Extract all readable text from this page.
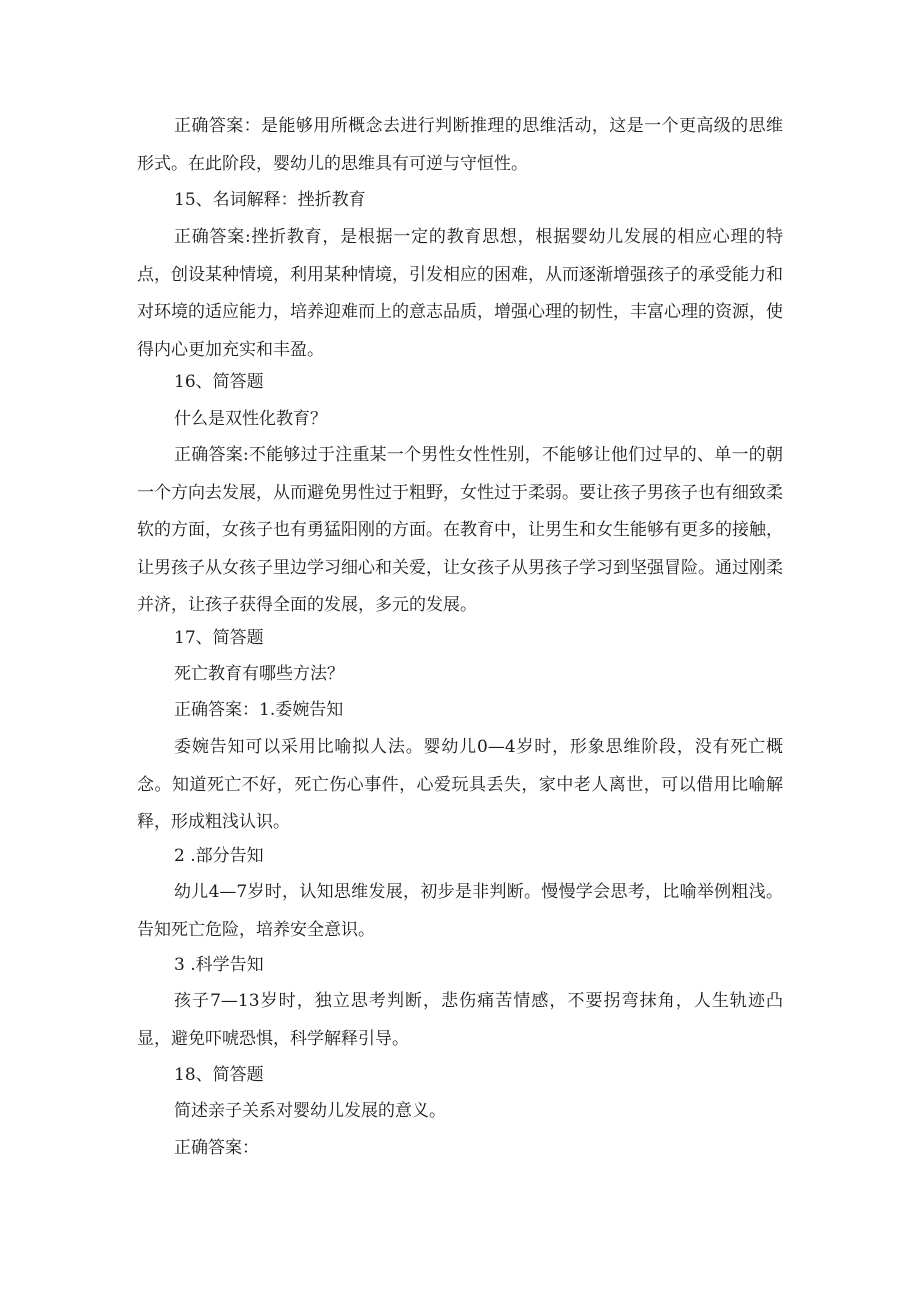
正确答案：是能够用所概念去进行判断推理的思维活动，这是一个更高级的思维形式。在此阶段，婴幼儿的思维具有可逆与守恒性。

15、名词解释：挫折教育

正确答案:挫折教育，是根据一定的教育思想，根据婴幼儿发展的相应心理的特点，创设某种情境，利用某种情境，引发相应的困难，从而逐渐增强孩子的承受能力和对环境的适应能力，培养迎难而上的意志品质，增强心理的韧性，丰富心理的资源，使得内心更加充实和丰盈。

16、简答题

什么是双性化教育？

正确答案:不能够过于注重某一个男性女性性别，不能够让他们过早的、单一的朝一个方向去发展，从而避免男性过于粗野，女性过于柔弱。要让孩子男孩子也有细致柔软的方面，女孩子也有勇猛阳刚的方面。在教育中，让男生和女生能够有更多的接触，让男孩子从女孩子里边学习细心和关爱，让女孩子从男孩子学习到坚强冒险。通过刚柔并济，让孩子获得全面的发展，多元的发展。

17、简答题

死亡教育有哪些方法？

正确答案：1.委婉告知

委婉告知可以采用比喻拟人法。婴幼儿0—4岁时，形象思维阶段，没有死亡概念。知道死亡不好，死亡伤心事件，心爱玩具丢失，家中老人离世，可以借用比喻解释，形成粗浅认识。

2 .部分告知

幼儿4—7岁时，认知思维发展，初步是非判断。慢慢学会思考，比喻举例粗浅。告知死亡危险，培养安全意识。

3 .科学告知

孩子7—13岁时，独立思考判断，悲伤痛苦情感，不要拐弯抹角，人生轨迹凸显，避免吓唬恐惧，科学解释引导。

18、简答题

简述亲子关系对婴幼儿发展的意义。

正确答案：
